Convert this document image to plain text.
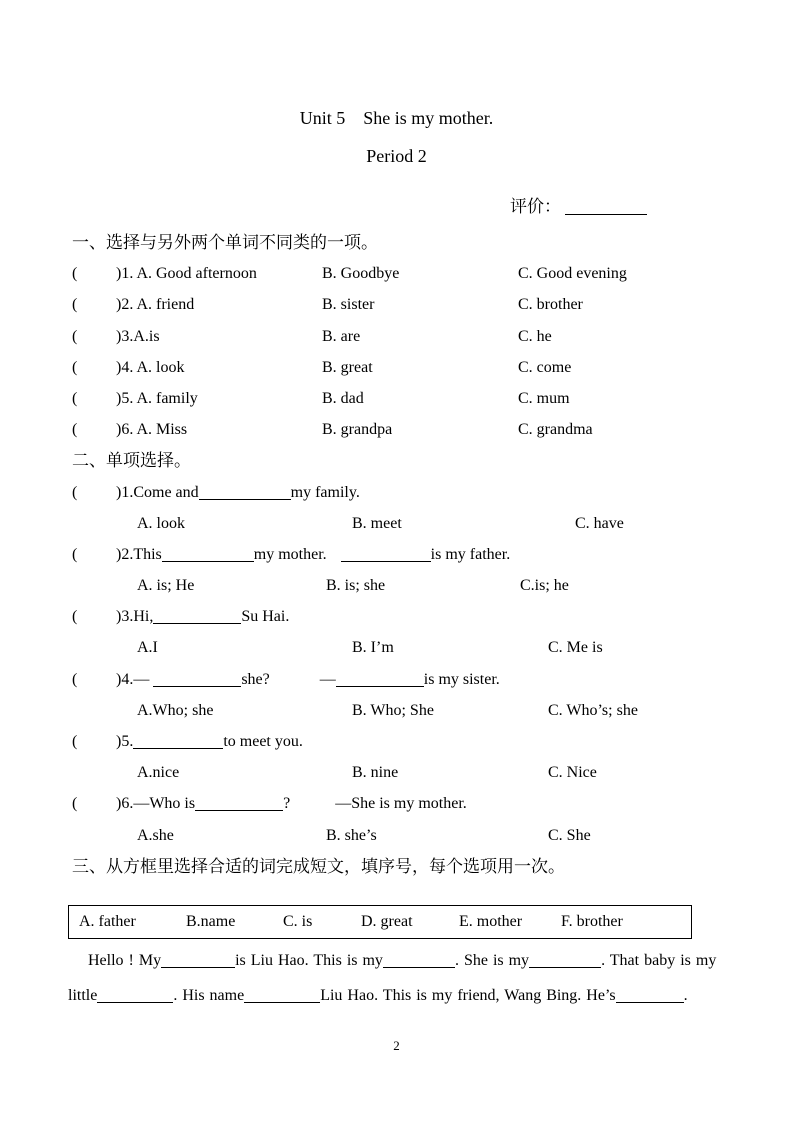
Unit 5　She is my mother.
Period 2
评价：
一、选择与另外两个单词不同类的一项。
( )1. A. Good afternoon	B. Goodbye	C. Good evening
( )2. A. friend	B. sister	C. brother
( )3.A.is	B. are	C. he
( )4. A. look	B. great	C. come
( )5. A. family	B. dad	C. mum
( )6. A. Miss	B. grandpa	C. grandma
二、单项选择。
( )1.Come and	my family.
A. look	B. meet	C. have
( )2.This	my mother.	is my father.
A. is; He	B. is; she	C.is; he
( )3.Hi,	Su Hai.
A.I	B. I’m	C. Me is
( )4.—	she?	—	is my sister.
A.Who; she	B. Who; She	C. Who’s; she
( )5.	to meet you.
A.nice	B. nine	C. Nice
( )6.—Who is	?	—She is my mother.
A.she	B. she’s	C. She
三、从方框里选择合适的词完成短文，填序号，每个选项用一次。
A. father	B.name	C. is	D. great	E. mother F. brother
Hello ! My	is Liu Hao. This is my	. She is my	. That baby is my
little	. His name	Liu Hao. This is my friend, Wang Bing. He’s	.
2
